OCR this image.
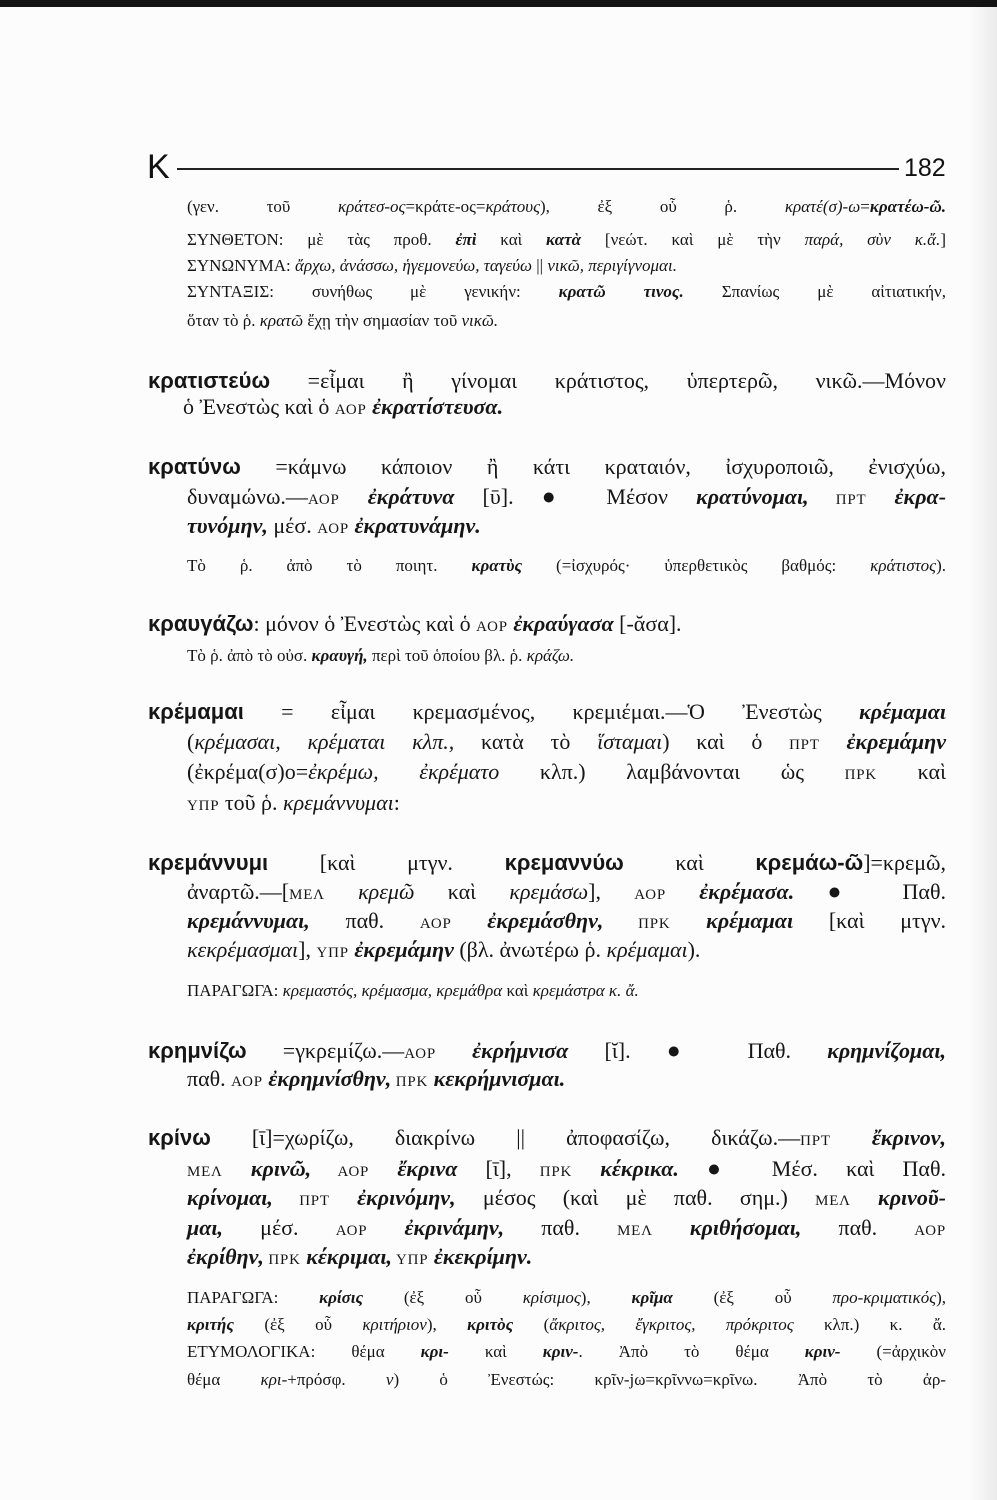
Κ	182
(γεν. τοῦ κράτεσ-ος=κράτε-ος=κράτους), ἐξ οὗ ῥ. κρατέ(σ)-ω=κρατέω-ῶ.
ΣΥΝΘΕΤΟΝ: μὲ τὰς προθ. ἐπὶ καὶ κατὰ [νεώτ. καὶ μὲ τὴν παρά, σὺν κ.ἄ.]
ΣΥΝΩΝΥΜΑ: ἄρχω, ἀνάσσω, ἡγεμονεύω, ταγεύω || νικῶ, περιγίγνομαι.
ΣΥΝΤΑΞΙΣ: συνήθως μὲ γενικήν: κρατῶ τινος. Σπανίως μὲ αἰτιατικήν,
ὅταν τὸ ῥ. κρατῶ ἔχῃ τὴν σημασίαν τοῦ νικῶ.
κρατιστεύω =εἶμαι ἢ γίνομαι κράτιστος, ὑπερτερῶ, νικῶ.—Μόνον
ὁ Ἐνεστὼς καὶ ὁ ΑΟΡ ἐκρατίστευσα.
κρατύνω =κάμνω κάποιον ἢ κάτι κραταιόν, ἰσχυροποιῶ, ἐνισχύω,
δυναμώνω.—ΑΟΡ ἐκράτυνα [ῡ]. ● Μέσον κρατύνομαι, ΠΡΤ ἐκρα-
τυνόμην, μέσ. ΑΟΡ ἐκρατυνάμην.
Τὸ ῥ. ἀπὸ τὸ ποιητ. κρατὺς (=ἰσχυρός· ὑπερθετικὸς βαθμός: κράτιστος).
κραυγάζω: μόνον ὁ Ἐνεστὼς καὶ ὁ ΑΟΡ ἐκραύγασα [-ᾰσα].
Τὸ ῥ. ἀπὸ τὸ οὐσ. κραυγή, περὶ τοῦ ὁποίου βλ. ῥ. κράζω.
κρέμαμαι = εἶμαι κρεμασμένος, κρεμιέμαι.—Ὁ Ἐνεστὼς κρέμαμαι
(κρέμασαι, κρέμαται κλπ., κατὰ τὸ ἵσταμαι) καὶ ὁ ΠΡΤ ἐκρεμάμην
(ἐκρέμα(σ)ο=ἐκρέμω, ἐκρέματο κλπ.) λαμβάνονται ὡς ΠΡΚ καὶ
ΥΠΡ τοῦ ῥ. κρεμάννυμαι:
κρεμάννυμι [καὶ μτγν. κρεμαννύω καὶ κρεμάω-ῶ]=κρεμῶ,
ἀναρτῶ.—[ΜΕΛ κρεμῶ καὶ κρεμάσω], ΑΟΡ ἐκρέμασα. ● Παθ.
κρεμάννυμαι, παθ. ΑΟΡ ἐκρεμάσθην, ΠΡΚ κρέμαμαι [καὶ μτγν.
κεκρέμασμαι], ΥΠΡ ἐκρεμάμην (βλ. ἀνωτέρω ῥ. κρέμαμαι).
ΠΑΡΑΓΩΓΑ: κρεμαστός, κρέμασμα, κρεμάθρα καὶ κρεμάστρα κ. ἄ.
κρημνίζω =γκρεμίζω.—ΑΟΡ ἐκρήμνισα [ῐ]. ● Παθ. κρημνίζομαι,
παθ. ΑΟΡ ἐκρημνίσθην, ΠΡΚ κεκρήμνισμαι.
κρίνω [ῑ]=χωρίζω, διακρίνω || ἀποφασίζω, δικάζω.—ΠΡΤ ἔκρινον,
ΜΕΛ κρινῶ, ΑΟΡ ἔκρινα [ῑ], ΠΡΚ κέκρικα. ● Μέσ. καὶ Παθ.
κρίνομαι, ΠΡΤ ἐκρινόμην, μέσος (καὶ μὲ παθ. σημ.) ΜΕΛ κρινοῦ-
μαι, μέσ. ΑΟΡ ἐκρινάμην, παθ. ΜΕΛ κριθήσομαι, παθ. ΑΟΡ
ἐκρίθην, ΠΡΚ κέκριμαι, ΥΠΡ ἐκεκρίμην.
ΠΑΡΑΓΩΓΑ: κρίσις (ἐξ οὗ κρίσιμος), κρῖμα (ἐξ οὗ προ-κριματικός),
κριτής (ἐξ οὗ κριτήριον), κριτὸς (ἄκριτος, ἔγκριτος, πρόκριτος κλπ.) κ. ἄ.
ΕΤΥΜΟΛΟΓΙΚΑ: θέμα κρι- καὶ κριν-. Ἀπὸ τὸ θέμα κριν- (=ἀρχικὸν
θέμα κρι-+πρόσφ. ν) ὁ Ἐνεστώς: κρῖν-jω=κρῖννω=κρῖνω. Ἀπὸ τὸ ἀρ-
